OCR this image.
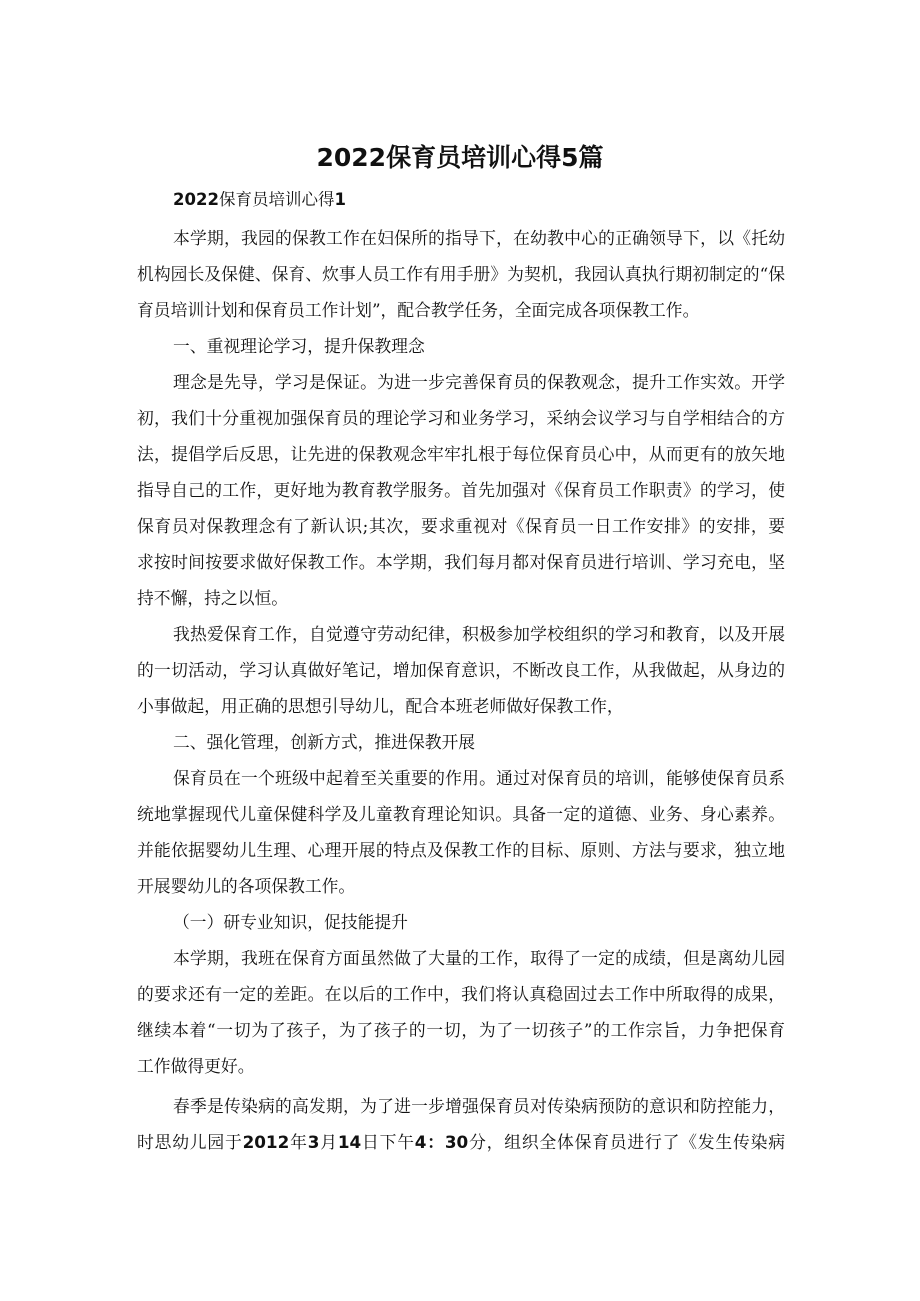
2022保育员培训心得5篇
2022保育员培训心得1
本学期，我园的保教工作在妇保所的指导下，在幼教中心的正确领导下，以《托幼
机构园长及保健、保育、炊事人员工作有用手册》为契机，我园认真执行期初制定的“保
育员培训计划和保育员工作计划”，配合教学任务，全面完成各项保教工作。
一、重视理论学习，提升保教理念
理念是先导，学习是保证。为进一步完善保育员的保教观念，提升工作实效。开学
初，我们十分重视加强保育员的理论学习和业务学习，采纳会议学习与自学相结合的方
法，提倡学后反思，让先进的保教观念牢牢扎根于每位保育员心中，从而更有的放矢地
指导自己的工作，更好地为教育教学服务。首先加强对《保育员工作职责》的学习，使
保育员对保教理念有了新认识;其次，要求重视对《保育员一日工作安排》的安排，要
求按时间按要求做好保教工作。本学期，我们每月都对保育员进行培训、学习充电，坚
持不懈，持之以恒。
我热爱保育工作，自觉遵守劳动纪律，积极参加学校组织的学习和教育，以及开展
的一切活动，学习认真做好笔记，增加保育意识，不断改良工作，从我做起，从身边的
小事做起，用正确的思想引导幼儿，配合本班老师做好保教工作，
二、强化管理，创新方式，推进保教开展
保育员在一个班级中起着至关重要的作用。通过对保育员的培训，能够使保育员系
统地掌握现代儿童保健科学及儿童教育理论知识。具备一定的道德、业务、身心素养。
并能依据婴幼儿生理、心理开展的特点及保教工作的目标、原则、方法与要求，独立地
开展婴幼儿的各项保教工作。
（一）研专业知识，促技能提升
本学期，我班在保育方面虽然做了大量的工作，取得了一定的成绩，但是离幼儿园
的要求还有一定的差距。在以后的工作中，我们将认真稳固过去工作中所取得的成果，
继续本着“一切为了孩子，为了孩子的一切，为了一切孩子”的工作宗旨，力争把保育
工作做得更好。
春季是传染病的高发期，为了进一步增强保育员对传染病预防的意识和防控能力，
时思幼儿园于2012年3月14日下午4：30分，组织全体保育员进行了《发生传染病
